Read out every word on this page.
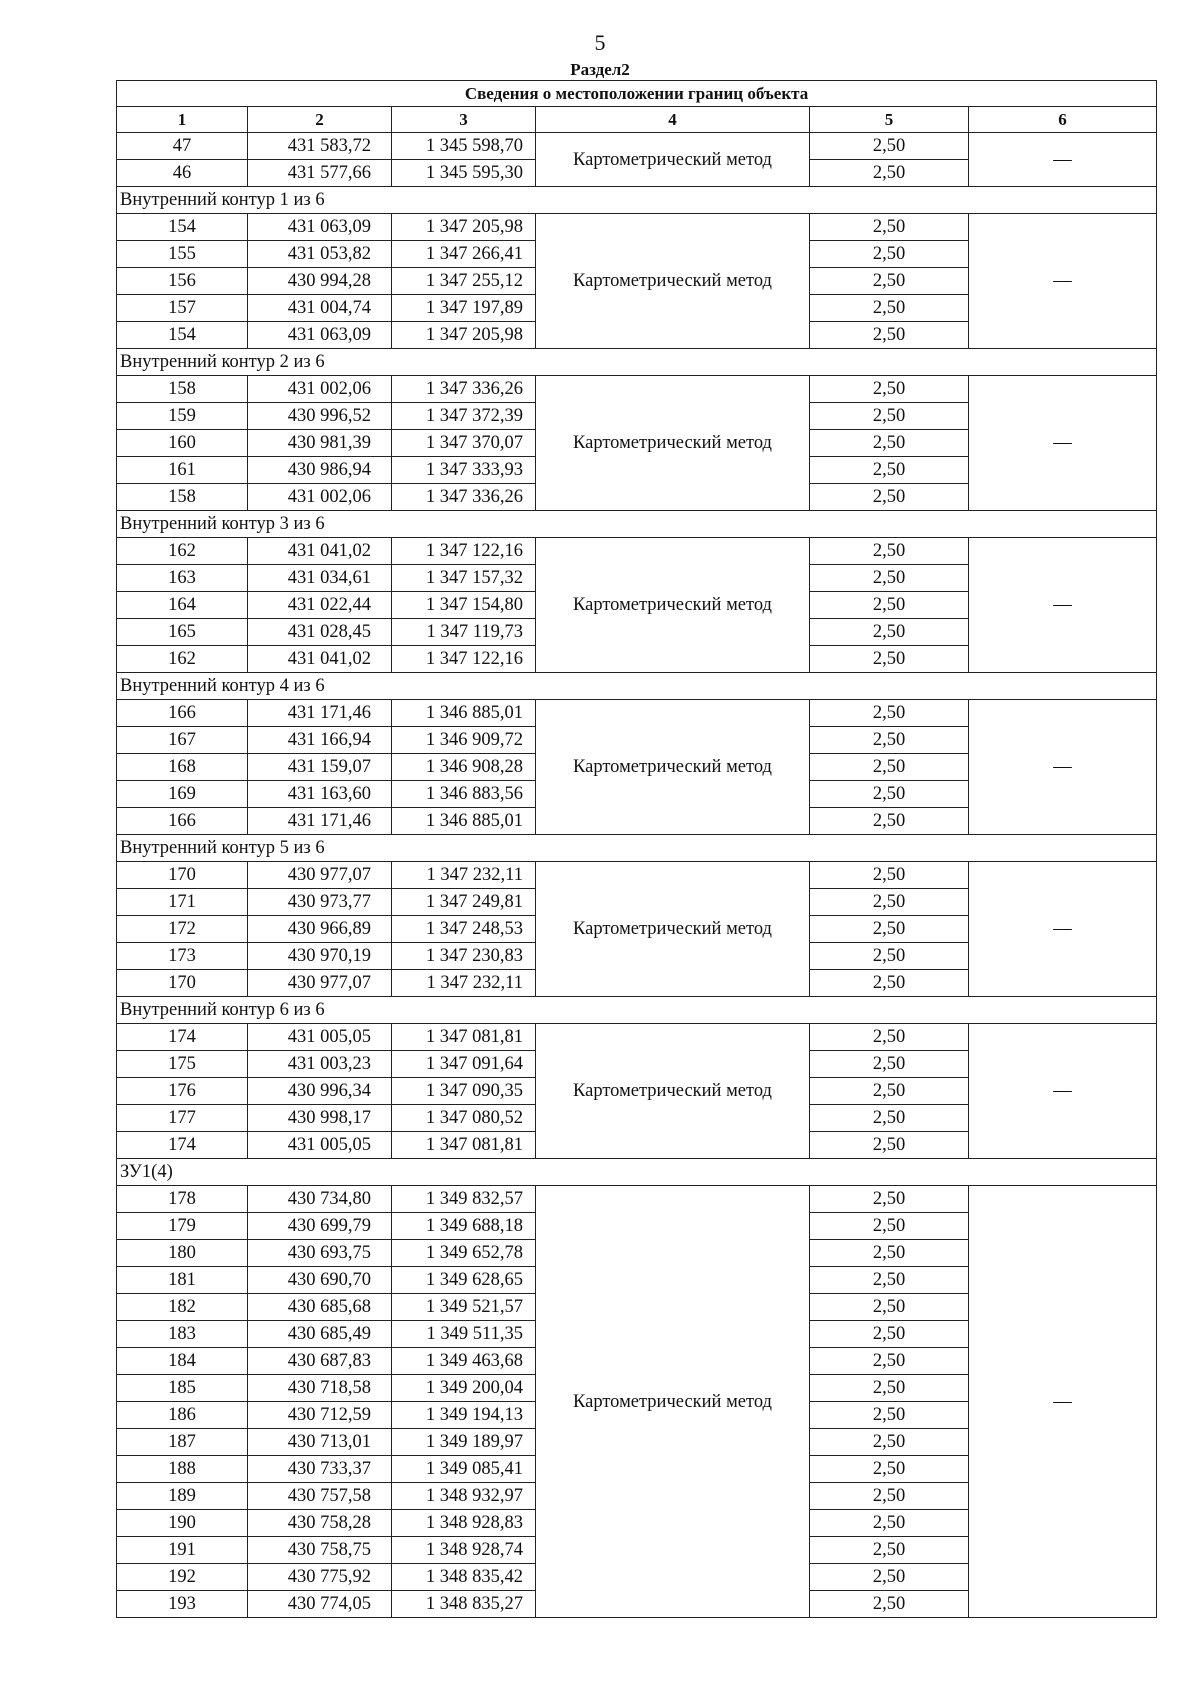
5
Раздел2
Сведения о местоположении границ объекта					
1	2	3	4	5	6
47	431 583,72	1 345 598,70	Картометрический метод	2,50	—
46	431 577,66	1 345 595,30		2,50	
Внутренний контур 1 из 6					
154	431 063,09	1 347 205,98	Картометрический метод	2,50	—
155	431 053,82	1 347 266,41		2,50	
156	430 994,28	1 347 255,12		2,50	
157	431 004,74	1 347 197,89		2,50	
154	431 063,09	1 347 205,98		2,50	
Внутренний контур 2 из 6					
158	431 002,06	1 347 336,26	Картометрический метод	2,50	—
159	430 996,52	1 347 372,39		2,50	
160	430 981,39	1 347 370,07		2,50	
161	430 986,94	1 347 333,93		2,50	
158	431 002,06	1 347 336,26		2,50	
Внутренний контур 3 из 6					
162	431 041,02	1 347 122,16	Картометрический метод	2,50	—
163	431 034,61	1 347 157,32		2,50	
164	431 022,44	1 347 154,80		2,50	
165	431 028,45	1 347 119,73		2,50	
162	431 041,02	1 347 122,16		2,50	
Внутренний контур 4 из 6					
166	431 171,46	1 346 885,01	Картометрический метод	2,50	—
167	431 166,94	1 346 909,72		2,50	
168	431 159,07	1 346 908,28		2,50	
169	431 163,60	1 346 883,56		2,50	
166	431 171,46	1 346 885,01		2,50	
Внутренний контур 5 из 6					
170	430 977,07	1 347 232,11	Картометрический метод	2,50	—
171	430 973,77	1 347 249,81		2,50	
172	430 966,89	1 347 248,53		2,50	
173	430 970,19	1 347 230,83		2,50	
170	430 977,07	1 347 232,11		2,50	
Внутренний контур 6 из 6					
174	431 005,05	1 347 081,81	Картометрический метод	2,50	—
175	431 003,23	1 347 091,64		2,50	
176	430 996,34	1 347 090,35		2,50	
177	430 998,17	1 347 080,52		2,50	
174	431 005,05	1 347 081,81		2,50	
ЗУ1(4)					
178	430 734,80	1 349 832,57	Картометрический метод	2,50	—
179	430 699,79	1 349 688,18		2,50	
180	430 693,75	1 349 652,78		2,50	
181	430 690,70	1 349 628,65		2,50	
182	430 685,68	1 349 521,57		2,50	
183	430 685,49	1 349 511,35		2,50	
184	430 687,83	1 349 463,68		2,50	
185	430 718,58	1 349 200,04		2,50	
186	430 712,59	1 349 194,13		2,50	
187	430 713,01	1 349 189,97		2,50	
188	430 733,37	1 349 085,41		2,50	
189	430 757,58	1 348 932,97		2,50	
190	430 758,28	1 348 928,83		2,50	
191	430 758,75	1 348 928,74		2,50	
192	430 775,92	1 348 835,42		2,50	
193	430 774,05	1 348 835,27		2,50	
